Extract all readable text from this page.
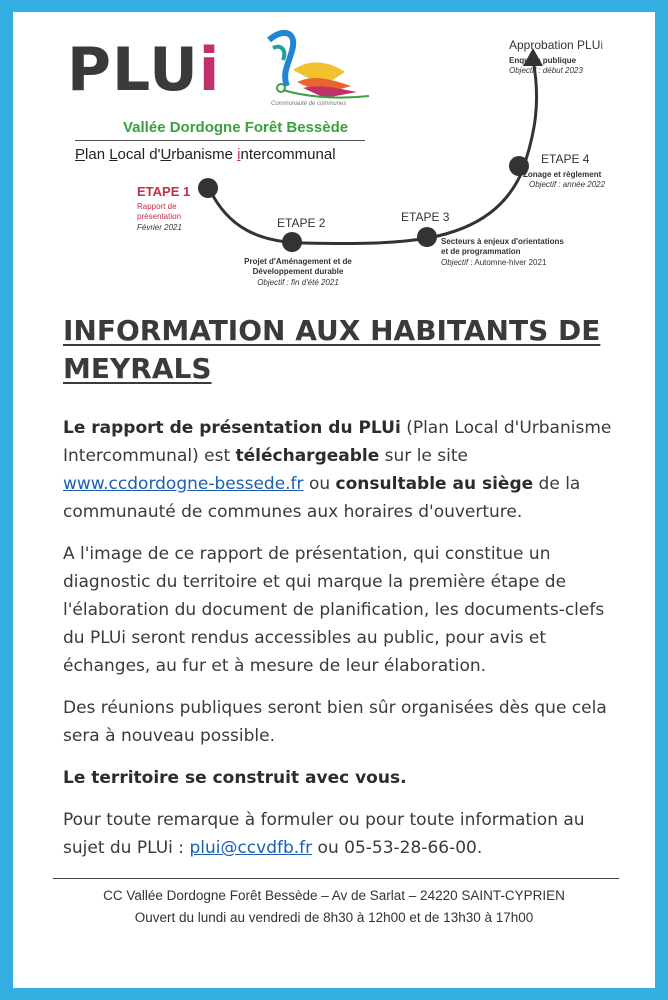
PLUi	Communauté de communes
Vallée Dordogne Forêt Bessède
Plan Local d'Urbanisme intercommunal
Approbation PLUi
Enquête publique
Objectif : début 2023
ETAPE 4
Zonage et règlement
Objectif : année 2022
ETAPE 3
Secteurs à enjeux d'orientations
et de programmation
Objectif : Automne-hiver 2021
ETAPE 2
Projet d'Aménagement et de
Développement durable
Objectif : fin d'été 2021
ETAPE 1
Rapport de
présentation
Février 2021
INFORMATION AUX HABITANTS DE
MEYRALS

Le rapport de présentation du PLUi (Plan Local d'Urbanisme Intercommunal) est téléchargeable sur le site www.ccdordogne-bessede.fr ou consultable au siège de la communauté de communes aux horaires d'ouverture.

A l'image de ce rapport de présentation, qui constitue un diagnostic du territoire et qui marque la première étape de l'élaboration du document de planification, les documents-clefs du PLUi seront rendus accessibles au public, pour avis et échanges, au fur et à mesure de leur élaboration.

Des réunions publiques seront bien sûr organisées dès que cela sera à nouveau possible.

Le territoire se construit avec vous.

Pour toute remarque à formuler ou pour toute information au sujet du PLUi : plui@ccvdfb.fr ou 05-53-28-66-00.

CC Vallée Dordogne Forêt Bessède – Av de Sarlat – 24220 SAINT-CYPRIEN
Ouvert du lundi au vendredi de 8h30 à 12h00 et de 13h30 à 17h00
